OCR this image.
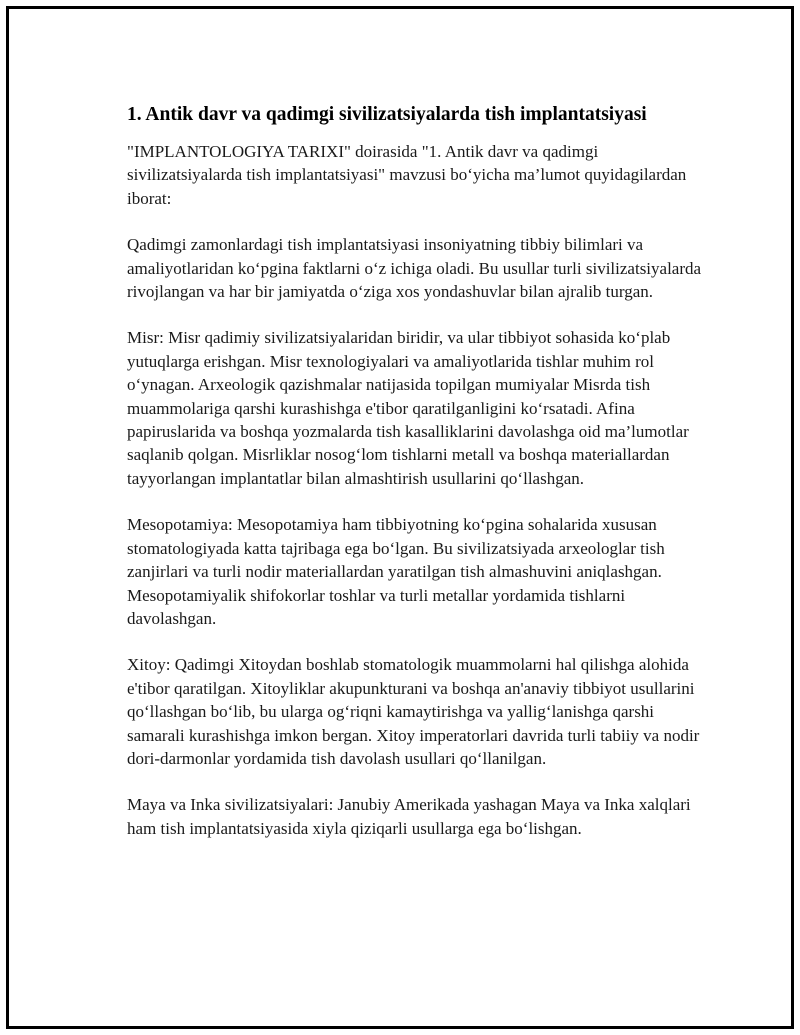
1. Antik davr va qadimgi sivilizatsiyalarda tish implantatsiyasi

"IMPLANTOLOGIYA TARIXI" doirasida "1. Antik davr va qadimgi sivilizatsiyalarda tish implantatsiyasi" mavzusi bo‘yicha ma’lumot quyidagilardan iborat:

Qadimgi zamonlardagi tish implantatsiyasi insoniyatning tibbiy bilimlari va amaliyotlaridan ko‘pgina faktlarni o‘z ichiga oladi. Bu usullar turli sivilizatsiyalarda rivojlangan va har bir jamiyatda o‘ziga xos yondashuvlar bilan ajralib turgan.

Misr: Misr qadimiy sivilizatsiyalaridan biridir, va ular tibbiyot sohasida ko‘plab yutuqlarga erishgan. Misr texnologiyalari va amaliyotlarida tishlar muhim rol o‘ynagan. Arxeologik qazishmalar natijasida topilgan mumiyalar Misrda tish muammolariga qarshi kurashishga e'tibor qaratilganligini ko‘rsatadi. Afina papiruslarida va boshqa yozmalarda tish kasalliklarini davolashga oid ma’lumotlar saqlanib qolgan. Misrliklar nosog‘lom tishlarni metall va boshqa materiallardan tayyorlangan implantatlar bilan almashtirish usullarini qo‘llashgan.

Mesopotamiya: Mesopotamiya ham tibbiyotning ko‘pgina sohalarida xususan stomatologiyada katta tajribaga ega bo‘lgan. Bu sivilizatsiyada arxeologlar tish zanjirlari va turli nodir materiallardan yaratilgan tish almashuvini aniqlashgan. Mesopotamiyalik shifokorlar toshlar va turli metallar yordamida tishlarni davolashgan.

Xitoy: Qadimgi Xitoydan boshlab stomatologik muammolarni hal qilishga alohida e'tibor qaratilgan. Xitoyliklar akupunkturani va boshqa an'anaviy tibbiyot usullarini qo‘llashgan bo‘lib, bu ularga og‘riqni kamaytirishga va yallig‘lanishga qarshi samarali kurashishga imkon bergan. Xitoy imperatorlari davrida turli tabiiy va nodir dori-darmonlar yordamida tish davolash usullari qo‘llanilgan.

Maya va Inka sivilizatsiyalari: Janubiy Amerikada yashagan Maya va Inka xalqlari ham tish implantatsiyasida xiyla qiziqarli usullarga ega bo‘lishgan.
